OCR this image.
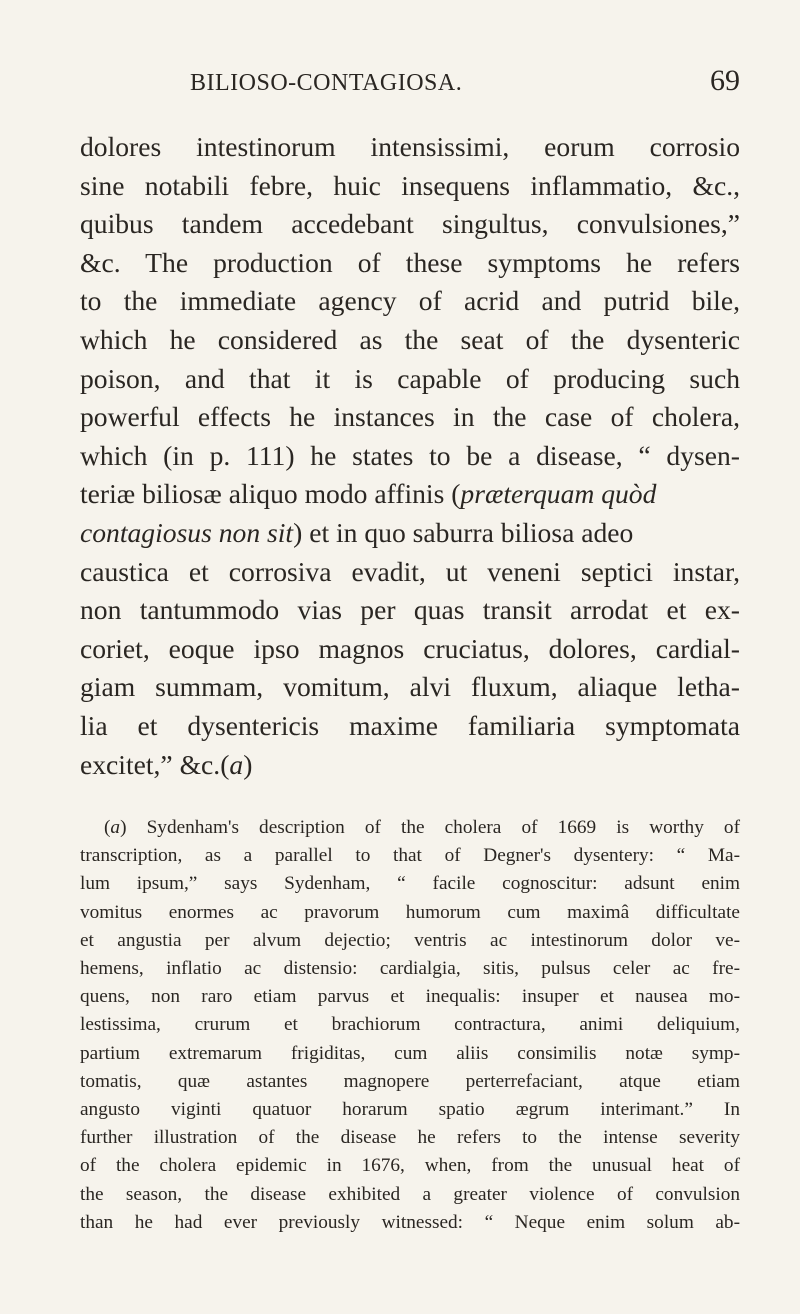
BILIOSO-CONTAGIOSA.	69
dolores intestinorum intensissimi, eorum corrosio
sine notabili febre, huic insequens inflammatio, &c.,
quibus tandem accedebant singultus, convulsiones,”
&c. The production of these symptoms he refers
to the immediate agency of acrid and putrid bile,
which he considered as the seat of the dysenteric
poison, and that it is capable of producing such
powerful effects he instances in the case of cholera,
which (in p. 111) he states to be a disease, “ dysen-
teriæ biliosæ aliquo modo affinis (præterquam quòd
contagiosus non sit) et in quo saburra biliosa adeo
caustica et corrosiva evadit, ut veneni septici instar,
non tantummodo vias per quas transit arrodat et ex-
coriet, eoque ipso magnos cruciatus, dolores, cardial-
giam summam, vomitum, alvi fluxum, aliaque letha-
lia et dysentericis maxime familiaria symptomata
excitet,” &c.(a)
(a) Sydenham's description of the cholera of 1669 is worthy of
transcription, as a parallel to that of Degner's dysentery: “ Ma-
lum ipsum,” says Sydenham, “ facile cognoscitur: adsunt enim
vomitus enormes ac pravorum humorum cum maximâ difficultate
et angustia per alvum dejectio; ventris ac intestinorum dolor ve-
hemens, inflatio ac distensio: cardialgia, sitis, pulsus celer ac fre-
quens, non raro etiam parvus et inequalis: insuper et nausea mo-
lestissima, crurum et brachiorum contractura, animi deliquium,
partium extremarum frigiditas, cum aliis consimilis notæ symp-
tomatis, quæ astantes magnopere perterrefaciant, atque etiam
angusto viginti quatuor horarum spatio ægrum interimant.” In
further illustration of the disease he refers to the intense severity
of the cholera epidemic in 1676, when, from the unusual heat of
the season, the disease exhibited a greater violence of convulsion
than he had ever previously witnessed: “ Neque enim solum ab-
